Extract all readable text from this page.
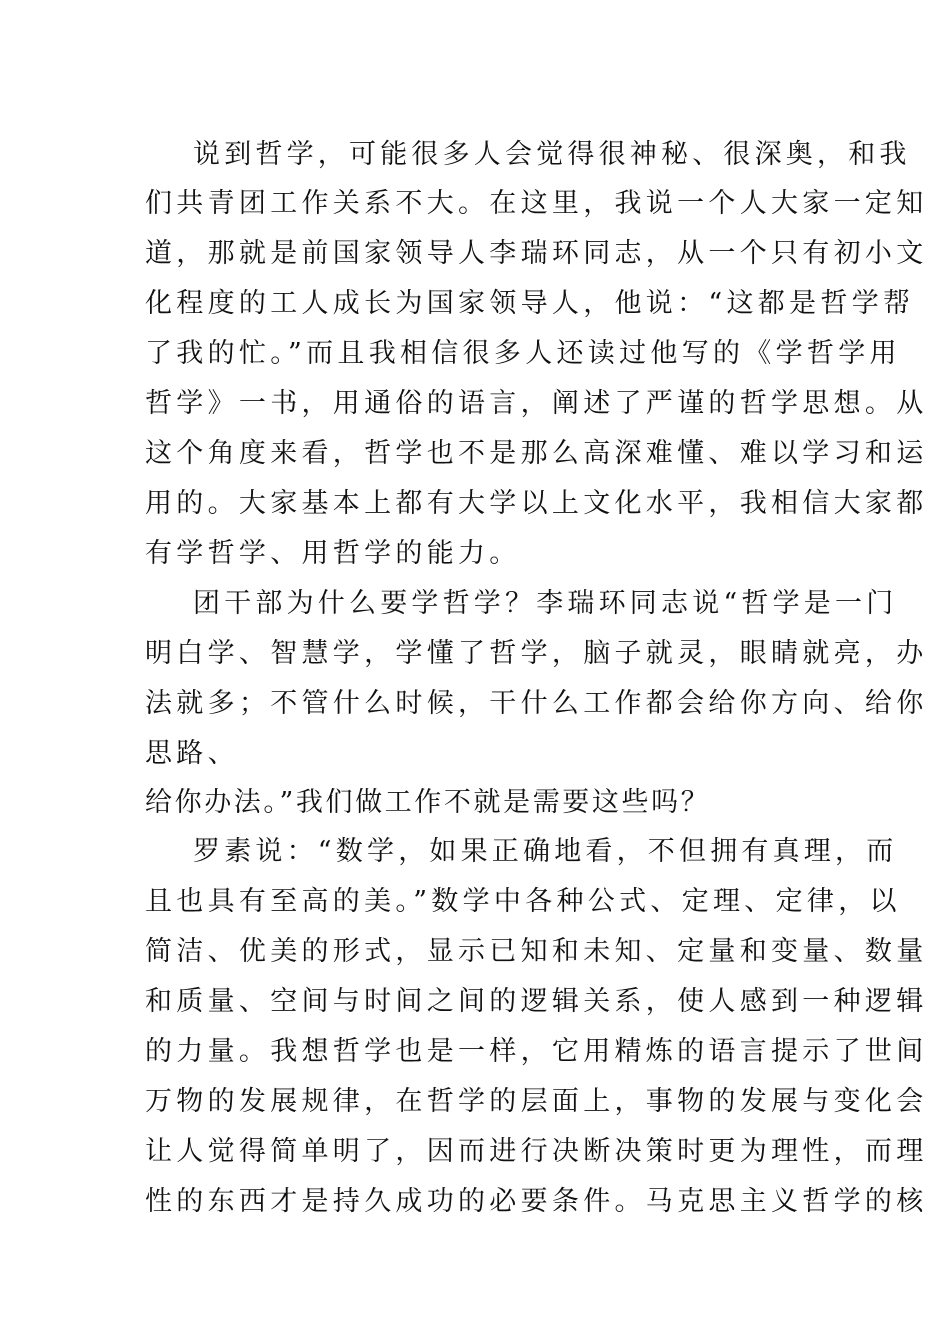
说到哲学，可能很多人会觉得很神秘、很深奥，和我
们共青团工作关系不大。在这里，我说一个人大家一定知
道，那就是前国家领导人李瑞环同志，从一个只有初小文
化程度的工人成长为国家领导人，他说：“这都是哲学帮
了我的忙。”而且我相信很多人还读过他写的《学哲学用
哲学》一书，用通俗的语言，阐述了严谨的哲学思想。从
这个角度来看，哲学也不是那么高深难懂、难以学习和运
用的。大家基本上都有大学以上文化水平，我相信大家都
有学哲学、用哲学的能力。
团干部为什么要学哲学？李瑞环同志说“哲学是一门
明白学、智慧学，学懂了哲学，脑子就灵，眼睛就亮，办
法就多；不管什么时候，干什么工作都会给你方向、给你
思路、
给你办法。”我们做工作不就是需要这些吗？
罗素说：“数学，如果正确地看，不但拥有真理，而
且也具有至高的美。”数学中各种公式、定理、定律，以
简洁、优美的形式，显示已知和未知、定量和变量、数量
和质量、空间与时间之间的逻辑关系，使人感到一种逻辑
的力量。我想哲学也是一样，它用精炼的语言提示了世间
万物的发展规律，在哲学的层面上，事物的发展与变化会
让人觉得简单明了，因而进行决断决策时更为理性，而理
性的东西才是持久成功的必要条件。马克思主义哲学的核
